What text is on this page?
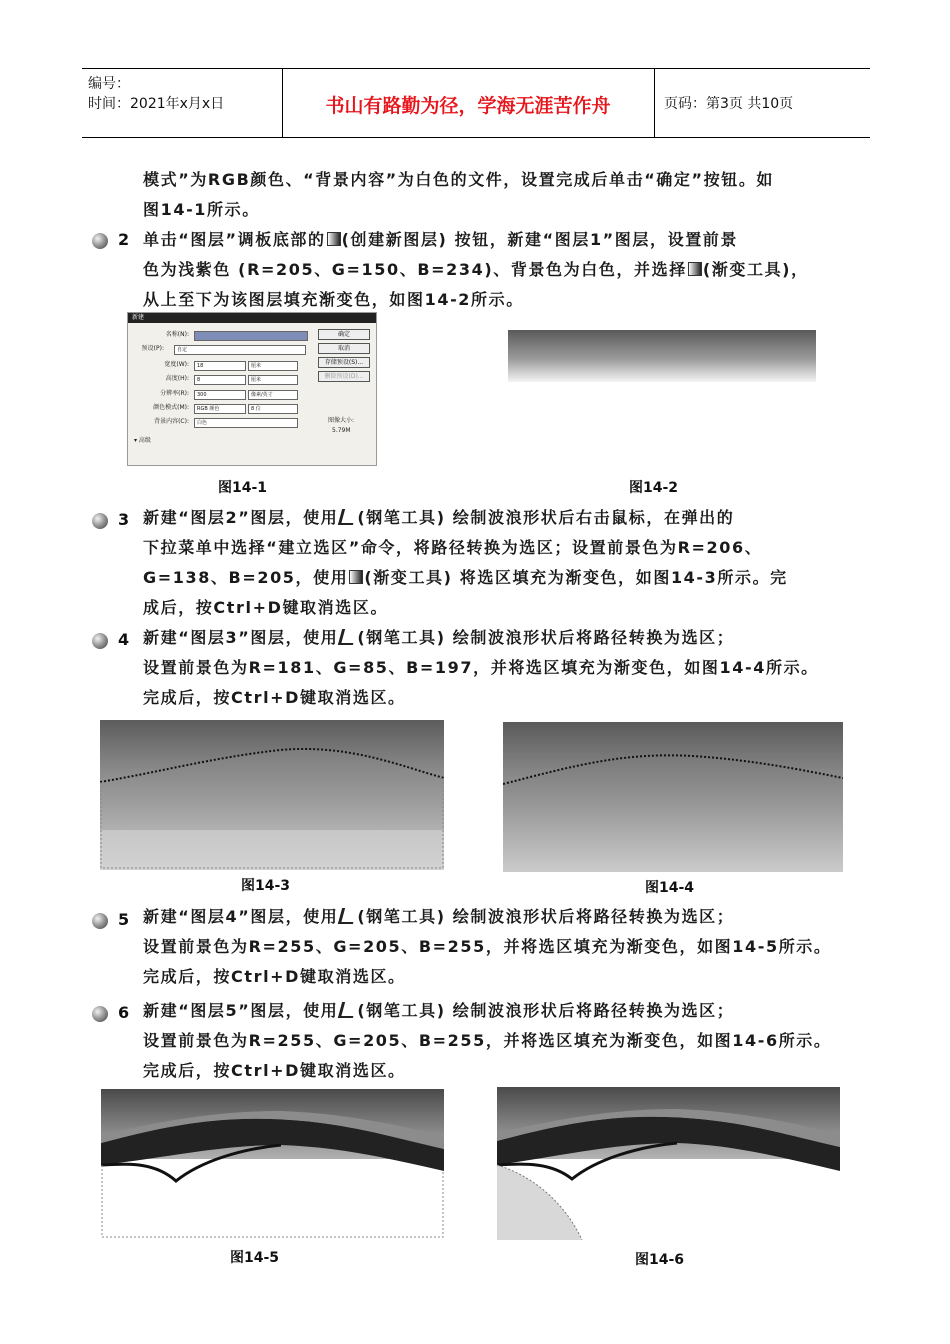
编号：
时间：2021年x月x日	书山有路勤为径，学海无涯苦作舟	页码：第3页 共10页
模式”为RGB颜色、“背景内容”为白色的文件，设置完成后单击“确定”按钮。如
图14-1所示。
2 单击“图层”调板底部的 (创建新图层) 按钮，新建“图层1”图层，设置前景
色为浅紫色 (R=205、G=150、B=234)、背景色为白色，并选择 (渐变工具)，
从上至下为该图层填充渐变色，如图14-2所示。
新建
名称(N):
预设(P):	自定
宽度(W):	18	厘米
高度(H):	8	厘米
分辨率(R):	300	像素/英寸
颜色模式(M):	RGB 颜色	8 位
背景内容(C):	白色
▾ 高级
确定
取消
存储预设(S)...
删除预设(D)...
图像大小:
5.79M
图14-1	图14-2
3 新建“图层2”图层，使用 (钢笔工具) 绘制波浪形状后右击鼠标，在弹出的
下拉菜单中选择“建立选区”命令，将路径转换为选区；设置前景色为R=206、
G=138、B=205，使用 (渐变工具) 将选区填充为渐变色，如图14-3所示。完
成后，按Ctrl+D键取消选区。
4 新建“图层3”图层，使用 (钢笔工具) 绘制波浪形状后将路径转换为选区；
设置前景色为R=181、G=85、B=197，并将选区填充为渐变色，如图14-4所示。
完成后，按Ctrl+D键取消选区。
图14-3	图14-4
5 新建“图层4”图层，使用 (钢笔工具) 绘制波浪形状后将路径转换为选区；
设置前景色为R=255、G=205、B=255，并将选区填充为渐变色，如图14-5所示。
完成后，按Ctrl+D键取消选区。
6 新建“图层5”图层，使用 (钢笔工具) 绘制波浪形状后将路径转换为选区；
设置前景色为R=255、G=205、B=255，并将选区填充为渐变色，如图14-6所示。
完成后，按Ctrl+D键取消选区。
图14-5	图14-6
